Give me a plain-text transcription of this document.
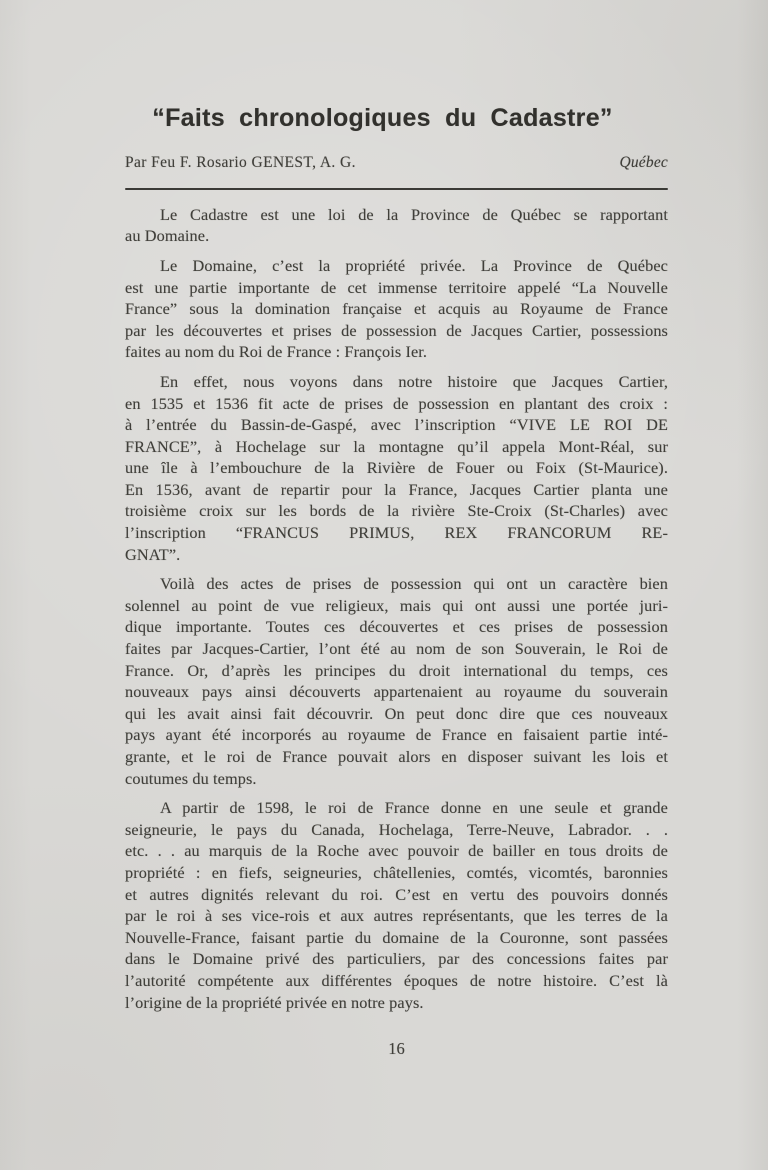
“Faits chronologiques du Cadastre”
Par Feu F. Rosario GENEST, A. G.	Québec
Le Cadastre est une loi de la Province de Québec se rapportant
au Domaine.
Le Domaine, c’est la propriété privée. La Province de Québec
est une partie importante de cet immense territoire appelé “La Nouvelle
France” sous la domination française et acquis au Royaume de France
par les découvertes et prises de possession de Jacques Cartier, possessions
faites au nom du Roi de France : François Ier.
En effet, nous voyons dans notre histoire que Jacques Cartier,
en 1535 et 1536 fit acte de prises de possession en plantant des croix :
à l’entrée du Bassin-de-Gaspé, avec l’inscription “VIVE LE ROI DE
FRANCE”, à Hochelage sur la montagne qu’il appela Mont-Réal, sur
une île à l’embouchure de la Rivière de Fouer ou Foix (St-Maurice).
En 1536, avant de repartir pour la France, Jacques Cartier planta une
troisième croix sur les bords de la rivière Ste-Croix (St-Charles) avec
l’inscription “FRANCUS PRIMUS, REX FRANCORUM RE-
GNAT”.
Voilà des actes de prises de possession qui ont un caractère bien
solennel au point de vue religieux, mais qui ont aussi une portée juri-
dique importante. Toutes ces découvertes et ces prises de possession
faites par Jacques-Cartier, l’ont été au nom de son Souverain, le Roi de
France. Or, d’après les principes du droit international du temps, ces
nouveaux pays ainsi découverts appartenaient au royaume du souverain
qui les avait ainsi fait découvrir. On peut donc dire que ces nouveaux
pays ayant été incorporés au royaume de France en faisaient partie inté-
grante, et le roi de France pouvait alors en disposer suivant les lois et
coutumes du temps.
A partir de 1598, le roi de France donne en une seule et grande
seigneurie, le pays du Canada, Hochelaga, Terre-Neuve, Labrador. . .
etc. . . au marquis de la Roche avec pouvoir de bailler en tous droits de
propriété : en fiefs, seigneuries, châtellenies, comtés, vicomtés, baronnies
et autres dignités relevant du roi. C’est en vertu des pouvoirs donnés
par le roi à ses vice-rois et aux autres représentants, que les terres de la
Nouvelle-France, faisant partie du domaine de la Couronne, sont passées
dans le Domaine privé des particuliers, par des concessions faites par
l’autorité compétente aux différentes époques de notre histoire. C’est là
l’origine de la propriété privée en notre pays.
16
